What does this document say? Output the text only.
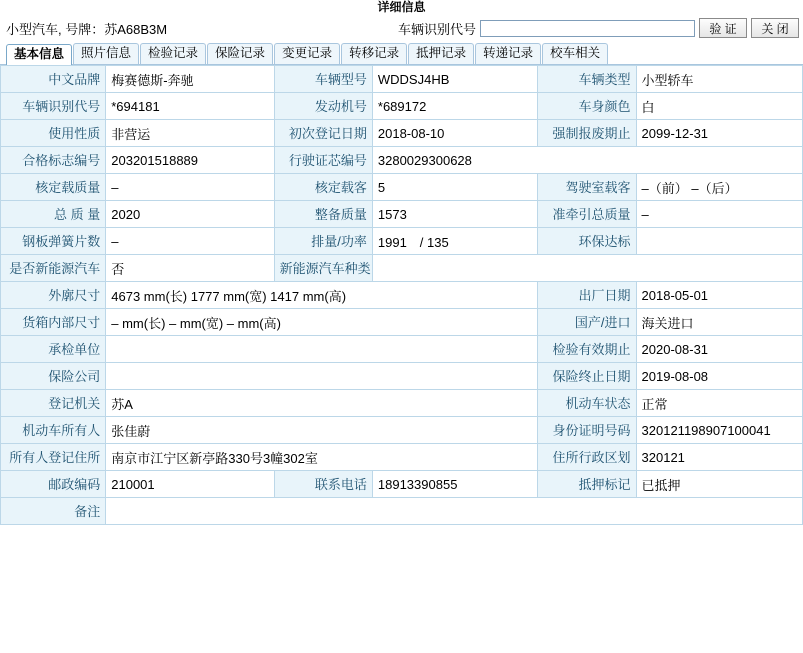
详细信息
小型汽车, 号牌：苏A68B3M	车辆识别代号	验 证	关 闭
基本信息	照片信息	检验记录	保险记录	变更记录	转移记录	抵押记录	转递记录	校车相关
中文品牌	梅赛德斯-奔驰	车辆型号	WDDSJ4HB	车辆类型	小型轿车
车辆识别代号	*694181	发动机号	*689172	车身颜色	白
使用性质	非营运	初次登记日期	2018-08-10	强制报废期止	2099-12-31
合格标志编号	203201518889	行驶证芯编号	3280029300628		
核定载质量	–	核定载客	5	驾驶室载客	–（前） –（后）
总 质 量	2020	整备质量	1573	准牵引总质量	–
钢板弹簧片数	–	排量/功率	1991　/ 135	环保达标	
是否新能源汽车	否	新能源汽车种类			
外廓尺寸	4673 mm(长) 1777 mm(宽) 1417 mm(高)			出厂日期	2018-05-01
货箱内部尺寸	– mm(长) – mm(宽) – mm(高)			国产/进口	海关进口
承检单位				检验有效期止	2020-08-31
保险公司				保险终止日期	2019-08-08
登记机关	苏A			机动车状态	正常
机动车所有人	张佳蔚			身份证明号码	320121198907100041
所有人登记住所	南京市江宁区新亭路330号3幢302室			住所行政区划	320121
邮政编码	210001	联系电话	18913390855	抵押标记	已抵押
备注					
